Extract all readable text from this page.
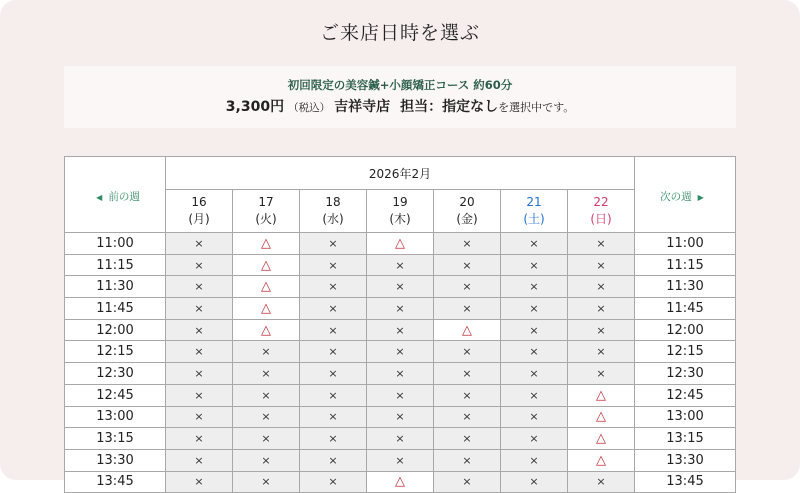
ご来店日時を選ぶ
初回限定の美容鍼+小顔矯正コース 約60分
3,300円 （税込） 吉祥寺店 担当：指定なしを選択中です。
◀ 前の週	2026年2月							次の週 ▶

16
(月)

17
(火)

18
(水)

19
(木)

20
(金)

21
(土)

22
(日)

11:00	×	△	×	△	×	×	×	11:00
11:15	×	△	×	×	×	×	×	11:15
11:30	×	△	×	×	×	×	×	11:30
11:45	×	△	×	×	×	×	×	11:45
12:00	×	△	×	×	△	×	×	12:00
12:15	×	×	×	×	×	×	×	12:15
12:30	×	×	×	×	×	×	×	12:30
12:45	×	×	×	×	×	×	△	12:45
13:00	×	×	×	×	×	×	△	13:00
13:15	×	×	×	×	×	×	△	13:15
13:30	×	×	×	×	×	×	△	13:30
13:45	×	×	×	△	×	×	×	13:45
